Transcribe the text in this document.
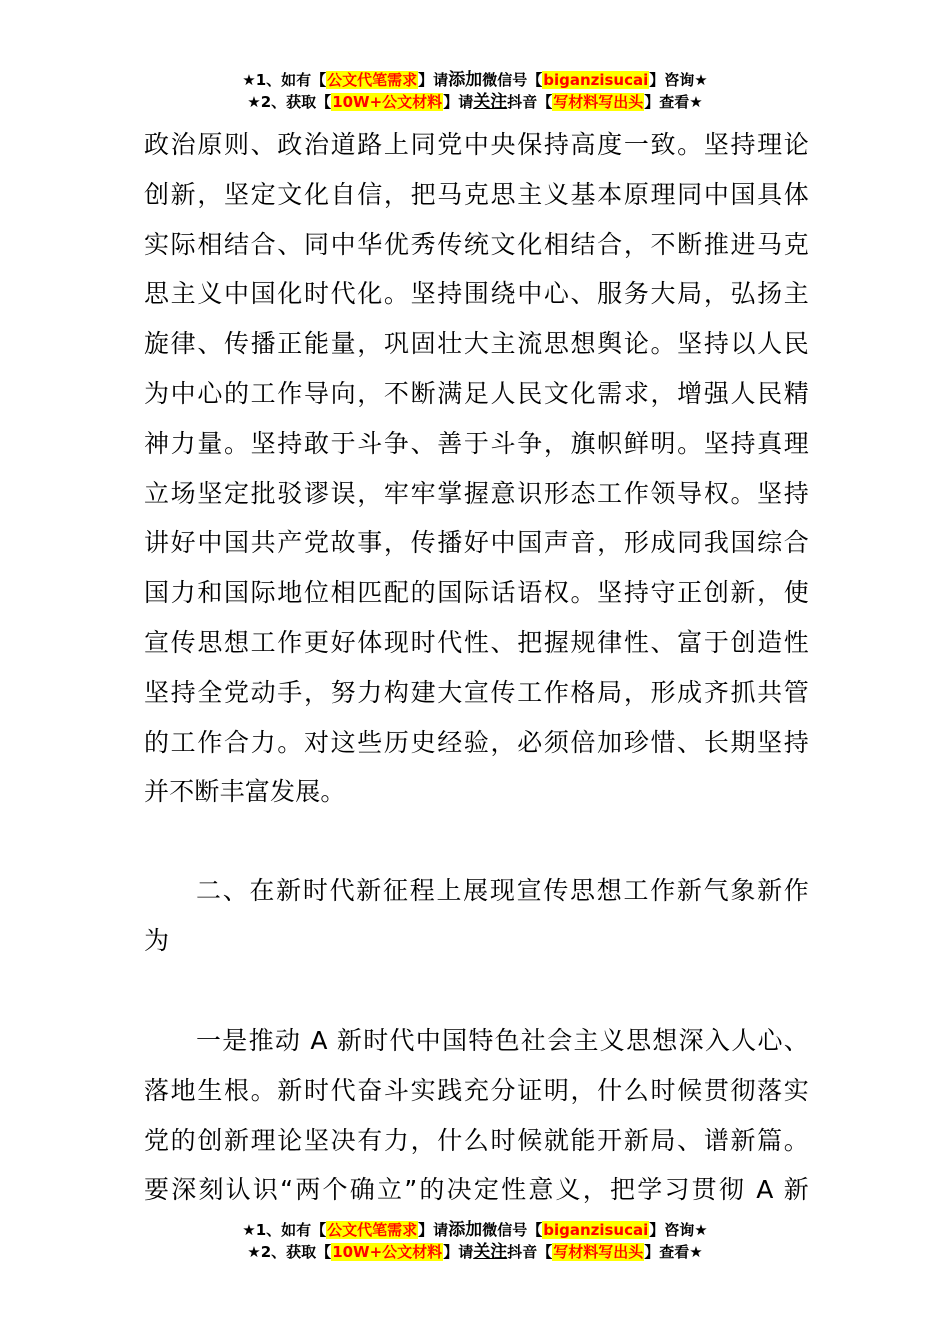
★1、如有【公文代笔需求】请添加微信号【biganzisucai】咨询★
★2、获取【10W+公文材料】请关注抖音【写材料写出头】查看★

政治原则、政治道路上同党中央保持高度一致。坚持理论

创新，坚定文化自信，把马克思主义基本原理同中国具体

实际相结合、同中华优秀传统文化相结合，不断推进马克

思主义中国化时代化。坚持围绕中心、服务大局，弘扬主

旋律、传播正能量，巩固壮大主流思想舆论。坚持以人民

为中心的工作导向，不断满足人民文化需求，增强人民精

神力量。坚持敢于斗争、善于斗争，旗帜鲜明。坚持真理

立场坚定批驳谬误，牢牢掌握意识形态工作领导权。坚持

讲好中国共产党故事，传播好中国声音，形成同我国综合

国力和国际地位相匹配的国际话语权。坚持守正创新，使

宣传思想工作更好体现时代性、把握规律性、富于创造性

坚持全党动手，努力构建大宣传工作格局，形成齐抓共管

的工作合力。对这些历史经验，必须倍加珍惜、长期坚持

并不断丰富发展。

二、在新时代新征程上展现宣传思想工作新气象新作

为

一是推动 A 新时代中国特色社会主义思想深入人心、

落地生根。新时代奋斗实践充分证明，什么时候贯彻落实

党的创新理论坚决有力，什么时候就能开新局、谱新篇。

要深刻认识“两个确立”的决定性意义，把学习贯彻 A 新

★1、如有【公文代笔需求】请添加微信号【biganzisucai】咨询★
★2、获取【10W+公文材料】请关注抖音【写材料写出头】查看★
